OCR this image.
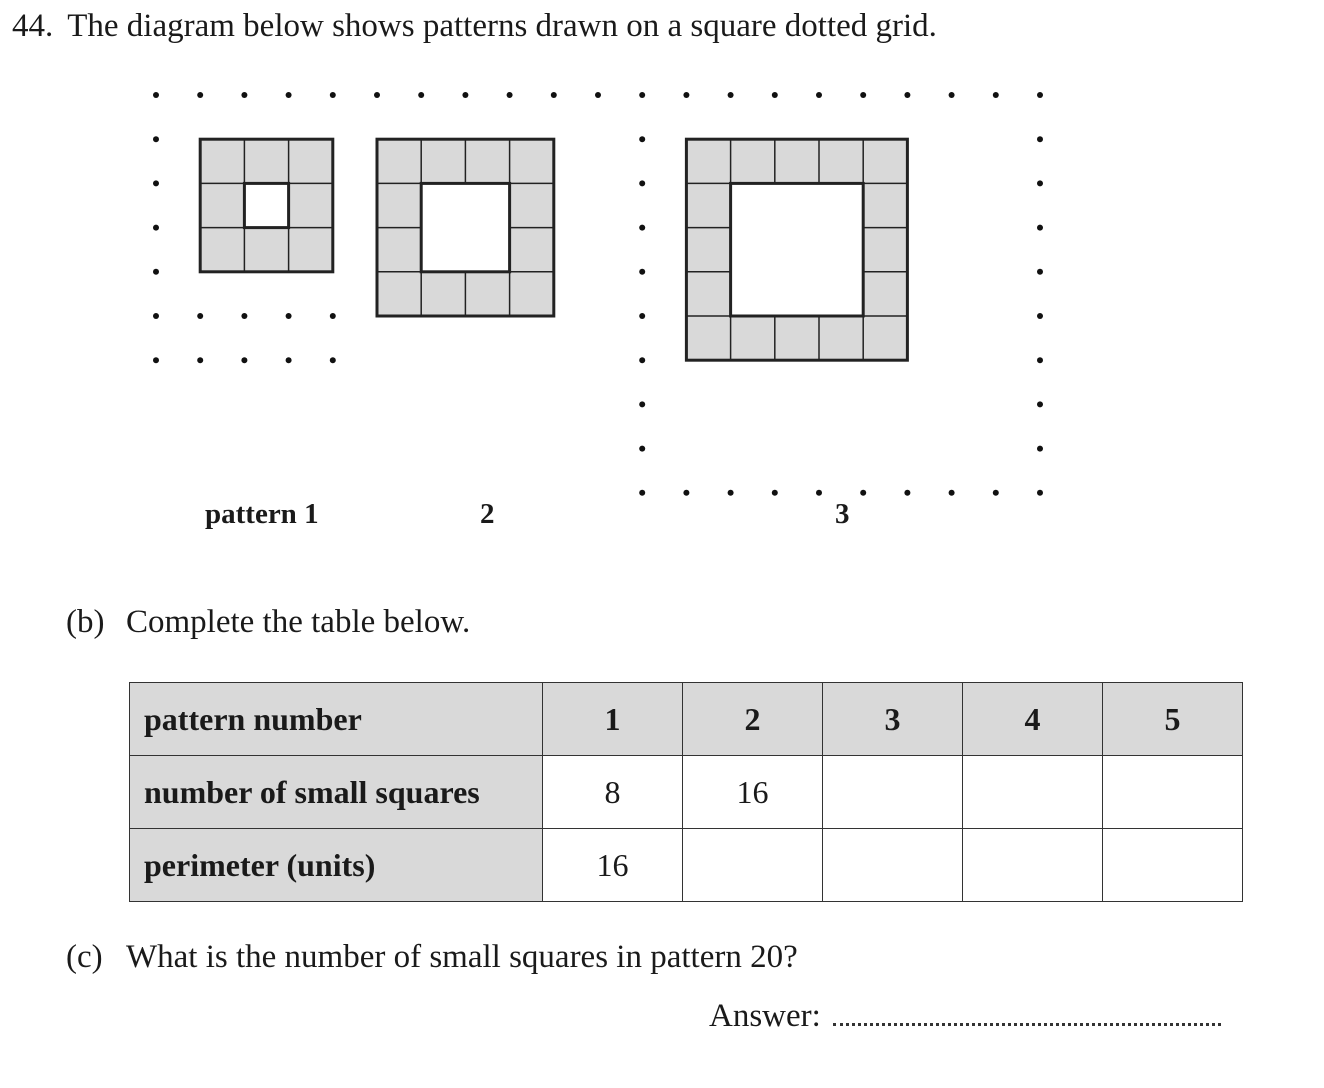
44. The diagram below shows patterns drawn on a square dotted grid.
pattern 1	2	3
(b) Complete the table below.
pattern number	1	2	3	4	5
number of small squares	8	16			
perimeter (units)	16				
(c) What is the number of small squares in pattern 20?
Answer:
